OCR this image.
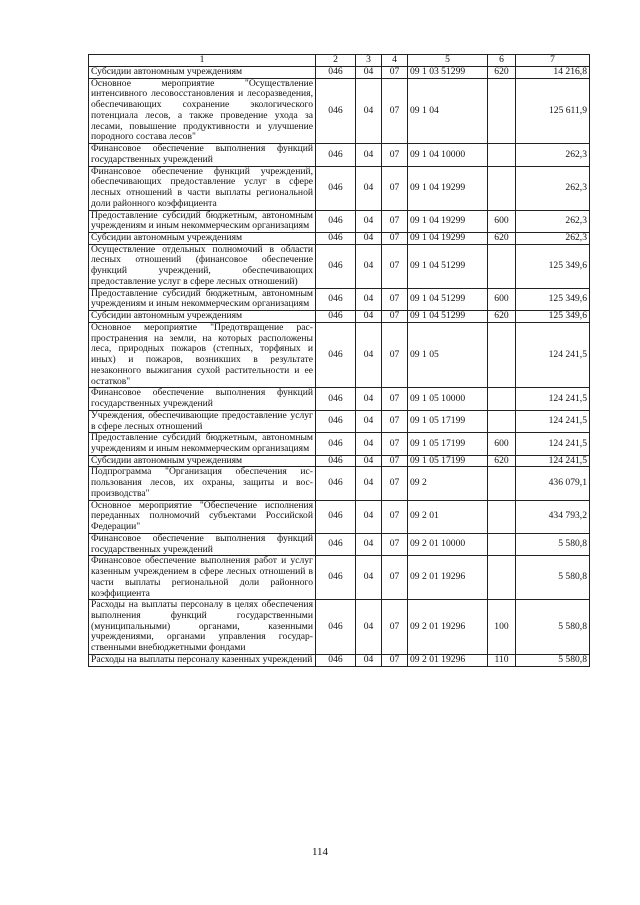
1	2	3	4	5	6	7
Субсидии автономным учреждениям	046	04	07	09 1 03 51299	620	14 216,8
Основное мероприятие "Осуществление интенсивного лесовосстановления и лесоразведения, обеспечивающих сохранение экологического потенциала лесов, а также проведение ухода за лесами, повышение продуктивности и улучшение породного состава лесов"	046	04	07	09 1 04		125 611,9
Финансовое обеспечение выполнения функций государственных учреждений	046	04	07	09 1 04 10000		262,3
Финансовое обеспечение функций учреждений, обеспечивающих предоставление услуг в сфере лесных отношений в части выплаты региональной доли районного коэффициента	046	04	07	09 1 04 19299		262,3
Предоставление субсидий бюджетным, автономным учреждениям и иным некоммерческим организациям	046	04	07	09 1 04 19299	600	262,3
Субсидии автономным учреждениям	046	04	07	09 1 04 19299	620	262,3
Осуществление отдельных полномочий в области лесных отношений (финансовое обеспечение функций учреждений, обеспечивающих предоставление услуг в сфере лесных отношений)	046	04	07	09 1 04 51299		125 349,6
Предоставление субсидий бюджетным, автономным учреждениям и иным некоммерческим организациям	046	04	07	09 1 04 51299	600	125 349,6
Субсидии автономным учреждениям	046	04	07	09 1 04 51299	620	125 349,6
Основное мероприятие "Предотвращение распространения на земли, на которых расположены леса, природных пожаров (степных, торфяных и иных) и пожаров, возникших в результате незаконного выжигания сухой растительности и ее остатков"	046	04	07	09 1 05		124 241,5
Финансовое обеспечение выполнения функций государственных учреждений	046	04	07	09 1 05 10000		124 241,5
Учреждения, обеспечивающие предоставление услуг в сфере лесных отношений	046	04	07	09 1 05 17199		124 241,5
Предоставление субсидий бюджетным, автономным учреждениям и иным некоммерческим организациям	046	04	07	09 1 05 17199	600	124 241,5
Субсидии автономным учреждениям	046	04	07	09 1 05 17199	620	124 241,5
Подпрограмма "Организация обеспечения использования лесов, их охраны, защиты и воспроизводства"	046	04	07	09 2		436 079,1
Основное мероприятие "Обеспечение исполнения переданных полномочий субъектами Российской Федерации"	046	04	07	09 2 01		434 793,2
Финансовое обеспечение выполнения функций государственных учреждений	046	04	07	09 2 01 10000		5 580,8
Финансовое обеспечение выполнения работ и услуг казенным учреждением в сфере лесных отношений в части выплаты региональной доли районного коэффициента	046	04	07	09 2 01 19296		5 580,8
Расходы на выплаты персоналу в целях обеспечения выполнения функций государственными (муниципальными) органами, казенными учреждениями, органами управления государственными внебюджетными фондами	046	04	07	09 2 01 19296	100	5 580,8
Расходы на выплаты персоналу казенных учреждений	046	04	07	09 2 01 19296	110	5 580,8
114
